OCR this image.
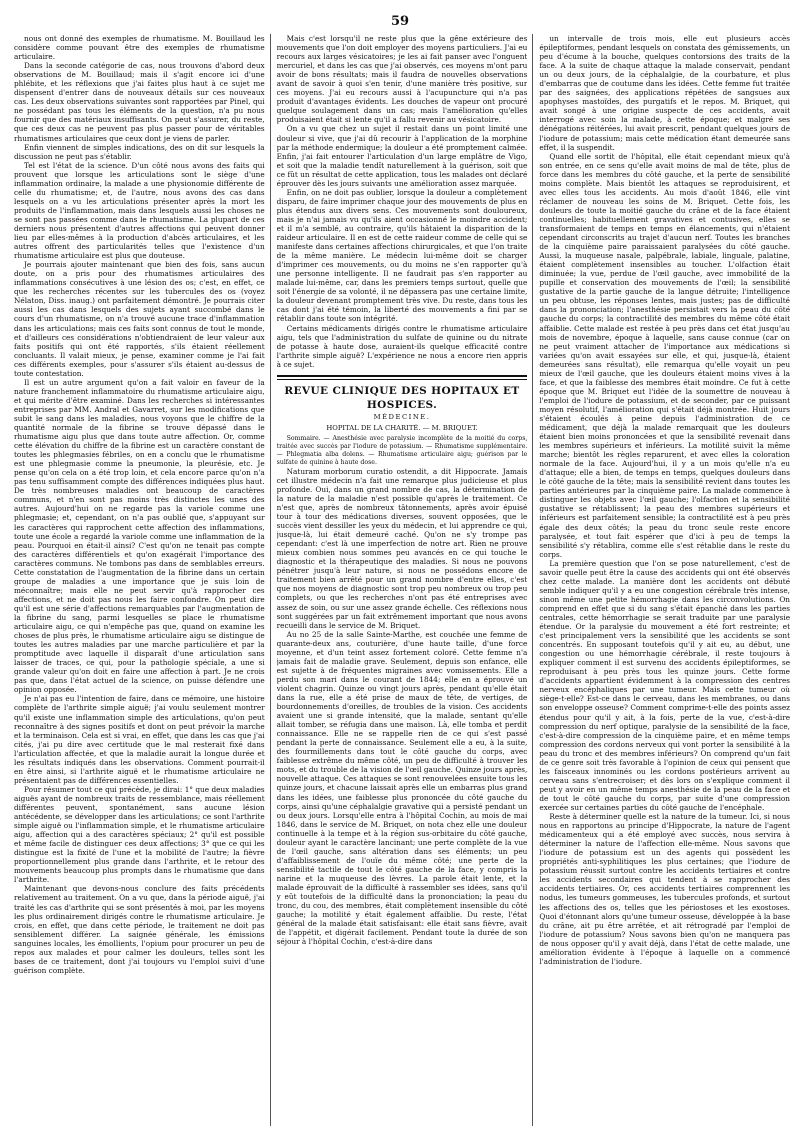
59

nous ont donné des exemples de rhumatisme. M. Bouillaud les considère comme pouvant être des exemples de rhumatisme articulaire.

Dans la seconde catégorie de cas, nous trouvons d'abord deux observations de M. Bouillaud; mais il s'agit encore ici d'une phlébite, et les réflexions que j'ai faites plus haut à ce sujet me dispensent d'entrer dans de nouveaux détails sur ces nouveaux cas. Les deux observations suivantes sont rapportées par Pinel, qui ne possédant pas tous les éléments de la question, n'a pu nous fournir que des matériaux insuffisants. On peut s'assurer, du reste, que ces deux cas ne peuvent pas plus passer pour de véritables rhumatismes articulaires que ceux dont je viens de parler.

Enfin viennent de simples indications, des on dit sur lesquels la discussion ne peut pas s'établir.

Tel est l'état de la science. D'un côté nous avons des faits qui prouvent que lorsque les articulations sont le siège d'une inflammation ordinaire, la malade a une physionomie différente de celle du rhumatisme; et, de l'autre, nous avons des cas dans lesquels on a vu les articulations présenter après la mort les produits de l'inflammation, mais dans lesquels aussi les choses ne se sont pas passées comme dans le rhumatisme. La plupart de ces derniers nous présentent d'autres affections qui peuvent donner lieu par elles-mêmes à la production d'abcès articulaires, et les autres offrent des particularités telles que l'existence d'un rhumatisme articulaire est plus que douteuse.

Je pourrais ajouter maintenant que bien des fois, sans aucun doute, on a pris pour des rhumatismes articulaires des inflammations consécutives à une lésion des os; c'est, en effet, ce que les recherches récentes sur les tubercules des os (voyez Nélaton, Diss. inaug.) ont parfaitement démontré. Je pourrais citer aussi les cas dans lesquels des sujets ayant succombé dans le cours d'un rhumatisme, on n'a trouvé aucune trace d'inflammation dans les articulations; mais ces faits sont connus de tout le monde, et d'ailleurs ces considérations n'obtiendraient de leur valeur aux faits positifs qui ont été rapportés, s'ils étaient réellement concluants. Il valait mieux, je pense, examiner comme je l'ai fait ces différents exemples, pour s'assurer s'ils étaient au-dessus de toute contestation.

Il est un autre argument qu'on a fait valoir en faveur de la nature franchement inflammatoire du rhumatisme articulaire aigu, et qui mérite d'être examiné. Dans les recherches si intéressantes entreprises par MM. Andral et Gavarret, sur les modifications que subit le sang dans les maladies, nous voyons que le chiffre de la quantité normale de la fibrine se trouve dépassé dans le rhumatisme aigu plus que dans toute autre affection. Or, comme cette élévation du chiffre de la fibrine est un caractère constant de toutes les phlegmasies fébriles, on en a conclu que le rhumatisme est une phlegmasie comme la pneumonie, la pleurésie, etc. Je pense qu'on cela on a été trop loin, et cela encore parce qu'on n'a pas tenu suffisamment compte des différences indiquées plus haut. De très nombreuses maladies ont beaucoup de caractères communs, et n'en sont pas moins très distinctes les unes des autres. Aujourd'hui on ne regarde pas la variole comme une phlegmasie; et, cependant, on n'a pas oublié que, s'appuyant sur les caractères qui rapprochent cette affection des inflammations, toute une école a regardé la variole comme une inflammation de la peau. Pourquoi en était-il ainsi? C'est qu'on ne tenait pas compte des caractères différentiels et qu'on exagérait l'importance des caractères communs. Ne tombons pas dans de semblables erreurs. Cette constatation de l'augmentation de la fibrine dans un certain groupe de maladies a une importance que je suis loin de méconnaître; mais elle ne peut servir qu'à rapprocher ces affections, et ne doit pas nous les faire confondre. On peut dire qu'il est une série d'affections remarquables par l'augmentation de la fibrine du sang, parmi lesquelles se place le rhumatisme articulaire aigu, ce qui n'empêche pas que, quand on examine les choses de plus près, le rhumatisme articulaire aigu se distingue de toutes les autres maladies par une marche particulière et par la promptitude avec laquelle il disparaît d'une articulation sans laisser de traces, ce qui, pour la pathologie spéciale, a une si grande valeur qu'on doit en faire une affection à part. Je ne crois pas que, dans l'état actuel de la science, on puisse défendre une opinion opposée.

Je n'ai pas eu l'intention de faire, dans ce mémoire, une histoire complète de l'arthrite simple aiguë; j'ai voulu seulement montrer qu'il existe une inflammation simple des articulations, qu'on peut reconnaître à des signes positifs et dont on peut prévoir la marche et la terminaison. Cela est si vrai, en effet, que dans les cas que j'ai cités, j'ai pu dire avec certitude que le mal resterait fixé dans l'articulation affectée, et que la maladie aurait la longue durée et les résultats indiqués dans les observations. Comment pourrait-il en être ainsi, si l'arthrite aiguë et le rhumatisme articulaire ne présentaient pas de différences essentielles.

Pour résumer tout ce qui précède, je dirai: 1° que deux maladies aiguës ayant de nombreux traits de ressemblance, mais réellement différentes peuvent, spontanément, sans aucune lésion antécédente, se développer dans les articulations; ce sont l'arthrite simple aiguë ou l'inflammation simple, et le rhumatisme articulaire aigu, affection qui a des caractères spéciaux; 2° qu'il est possible et même facile de distinguer ces deux affections; 3° que ce qui les distingue est la fixité de l'une et la mobilité de l'autre; la fièvre proportionnellement plus grande dans l'arthrite, et le retour des mouvements beaucoup plus prompts dans le rhumatisme que dans l'arthrite.

Maintenant que devons-nous conclure des faits précédents relativement au traitement. On a vu que, dans la période aiguë, j'ai traité les cas d'arthrite qui se sont présentés à moi, par les moyens les plus ordinairement dirigés contre le rhumatisme articulaire. Je crois, en effet, que dans cette période, le traitement ne doit pas sensiblement différer. La saignée générale, les émissions sanguines locales, les émollients, l'opium pour procurer un peu de repos aux malades et pour calmer les douleurs, telles sont les bases de ce traitement, dont j'ai toujours vu l'emploi suivi d'une guérison complète.

Mais c'est lorsqu'il ne reste plus que la gêne extérieure des mouvements que l'on doit employer des moyens particuliers. J'ai eu recours aux larges vésicatoires; je les ai fait panser avec l'onguent mercuriel, et dans les cas que j'ai observés, ces moyens m'ont paru avoir de bons résultats; mais il faudra de nouvelles observations avant de savoir à quoi s'en tenir, d'une manière très positive, sur ces moyens. J'ai eu recours aussi à l'acupuncture qui n'a pas produit d'avantages évidents. Les douches de vapeur ont procuré quelque soulagement dans un cas; mais l'amélioration qu'elles produisaient était si lente qu'il a fallu revenir au vésicatoire.

On a vu que chez un sujet il restait dans un point limité une douleur si vive, que j'ai dû recourir à l'application de la morphine par la méthode endermique; la douleur a été promptement calmée. Enfin, j'ai fait entourer l'articulation d'un large emplâtre de Vigo, et soit que la maladie tendît naturellement à la guérison, soit que ce fût un résultat de cette application, tous les malades ont déclaré éprouver dès les jours suivants une amélioration assez marquée.

Enfin, on ne doit pas oublier, lorsque la douleur a complètement disparu, de faire imprimer chaque jour des mouvements de plus en plus étendus aux divers sens. Ces mouvements sont douloureux, mais je n'ai jamais vu qu'ils aient occasionné le moindre accident; et il m'a semblé, au contraire, qu'ils hâtaient la disparition de la raideur articulaire. Il en est de cette raideur comme de celle qui se manifeste dans certaines affections chirurgicales, et que l'on traite de la même manière. Le médecin lui-même doit se charger d'imprimer ces mouvements, ou du moins ne s'en rapporter qu'à une personne intelligente. Il ne faudrait pas s'en rapporter au malade lui-même, car, dans les premiers temps surtout, quelle que soit l'énergie de sa volonté, il ne dépassera pas une certaine limite, la douleur devenant promptement très vive. Du reste, dans tous les cas dont j'ai été témoin, la liberté des mouvements a fini par se rétablir dans toute son intégrité.

Certains médicaments dirigés contre le rhumatisme articulaire aigu, tels que l'administration du sulfate de quinine ou du nitrate de potasse à haute dose, auraient-ils quelque efficacité contre l'arthrite simple aiguë? L'expérience ne nous a encore rien appris à ce sujet.

REVUE CLINIQUE DES HOPITAUX ET HOSPICES.
MÉDECINE.
HOPITAL DE LA CHARITÉ. — M. BRIQUET.

Sommaire. — Anesthésie avec paralysie incomplète de la moitié du corps, traitée avec succès par l'iodure de potassium. — Rhumatisme supplémentaire. — Phlegmatia alba dolens. — Rhumatisme articulaire aigu; guérison par le sulfate de quinine à haute dose.

Naturam morborum curatio ostendit, a dit Hippocrate. Jamais cet illustre médecin n'a fait une remarque plus judicieuse et plus profonde. Oui, dans un grand nombre de cas, la détermination de la nature de la maladie n'est possible qu'après le traitement. Ce n'est que, après de nombreux tâtonnements, après avoir épuisé tour à tour des médications diverses, souvent opposées, que le succès vient dessiller les yeux du médecin, et lui apprendre ce qui, jusque-là, lui était demeuré caché. Qu'on ne s'y trompe pas cependant: c'est là une imperfection de notre art. Rien ne prouve mieux combien nous sommes peu avancés en ce qui touche le diagnostic et la thérapeutique des maladies. Si nous ne pouvons pénétrer jusqu'à leur nature, si nous ne possédons encore de traitement bien arrêté pour un grand nombre d'entre elles, c'est que nos moyens de diagnostic sont trop peu nombreux ou trop peu complets, ou que les recherches n'ont pas été entreprises avec assez de soin, ou sur une assez grande échelle. Ces réflexions nous sont suggérées par un fait extrêmement important que nous avons recueilli dans le service de M. Briquet.

Au no 25 de la salle Sainte-Marthe, est couchée une femme de quarante-deux ans, couturière, d'une haute taille, d'une force moyenne, et d'un teint assez fortement coloré. Cette femme n'a jamais fait de maladie grave. Seulement, depuis son enfance, elle est sujette à de fréquentes migraines avec vomissements. Elle a perdu son mari dans le courant de 1844; elle en a éprouvé un violent chagrin. Quinze ou vingt jours après, pendant qu'elle était dans la rue, elle a été prise de maux de tête, de vertiges, de bourdonnements d'oreilles, de troubles de la vision. Ces accidents avaient une si grande intensité, que la malade, sentant qu'elle allait tomber, se réfugia dans une maison. Là, elle tomba et perdit connaissance. Elle ne se rappelle rien de ce qui s'est passé pendant la perte de connaissance. Seulement elle a eu, à la suite, des fourmillements dans tout le côté gauche du corps, avec faiblesse extrême du même côté, un peu de difficulté à trouver les mots, et du trouble de la vision de l'œil gauche. Quinze jours après, nouvelle attaque. Ces attaques se sont renouvelées ensuite tous les quinze jours, et chacune laissait après elle un embarras plus grand dans les idées, une faiblesse plus prononcée du côté gauche du corps, ainsi qu'une céphalalgie gravative qui a persisté pendant un ou deux jours. Lorsqu'elle entra à l'hôpital Cochin, au mois de mai 1846, dans le service de M. Briquet, on nota chez elle une douleur continuelle à la tempe et à la région sus-orbitaire du côté gauche, douleur ayant le caractère lancinant; une perte complète de la vue de l'œil gauche, sans altération dans ses éléments; un peu d'affaiblissement de l'ouïe du même côté; une perte de la sensibilité tactile de tout le côté gauche de la face, y compris la narine et la muqueuse des lèvres. La parole était lente, et la malade éprouvait de la difficulté à rassembler ses idées, sans qu'il y eût toutefois de la difficulté dans la prononciation; la peau du tronc, du cou, des membres, était complètement insensible du côté gauche; la motilité y était également affaiblie. Du reste, l'état général de la malade était satisfaisant: elle était sans fièvre, avait de l'appétit, et digérait facilement. Pendant toute la durée de son séjour à l'hôpital Cochin, c'est-à-dire dans

un intervalle de trois mois, elle eut plusieurs accès épileptiformes, pendant lesquels on constata des gémissements, un peu d'écume à la bouche, quelques contorsions des traits de la face. A la suite de chaque attaque la malade conservait, pendant un ou deux jours, de la céphalalgie, de la courbature, et plus d'embarras que de coutume dans les idées. Cette femme fut traitée par des saignées, des applications répétées de sangsues aux apophyses mastoïdes, des purgatifs et le repos. M. Briquet, qui avait songé à une origine suspecte de ces accidents, avait interrogé avec soin la malade, à cette époque; et malgré ses dénégations réitérées, lui avait prescrit, pendant quelques jours de l'iodure de potassium; mais cette médication étant demeurée sans effet, il la suspendit.

Quand elle sortit de l'hôpital, elle était cependant mieux qu'à son entrée, en ce sens qu'elle avait moins de mal de tête, plus de force dans les membres du côté gauche, et la perte de sensibilité moins complète. Mais bientôt les attaques se reproduisirent, et avec elles tous les accidents. Au mois d'août 1846, elle vint réclamer de nouveau les soins de M. Briquet. Cette fois, les douleurs de toute la moitié gauche du crâne et de la face étaient continuelles; habituellement gravatives et contusives, elles se transformaient de temps en temps en élancements, qui n'étaient cependant circonscrits au trajet d'aucun nerf. Toutes les branches de la cinquième paire paraissaient paralysées du côté gauche. Aussi, la muqueuse nasale, palpébrale, labiale, linguale, palatine, étaient complètement insensibles au toucher. L'olfaction était diminuée; la vue, perdue de l'œil gauche, avec immobilité de la pupille et conservation des mouvements de l'œil; la sensibilité gustative de la partie gauche de la langue détruite; l'intelligence un peu obtuse, les réponses lentes, mais justes; pas de difficulté dans la prononciation; l'anesthésie persistait vers la peau du côté gauche du corps; la contractilité des membres du même côté était affaiblie. Cette malade est restée à peu près dans cet état jusqu'au mois de novembre, époque à laquelle, sans cause connue (car on ne peut vraiment attacher de l'importance aux médications si variées qu'on avait essayées sur elle, et qui, jusque-là, étaient demeurées sans résultat), elle remarqua qu'elle voyait un peu mieux de l'œil gauche, que les douleurs étaient moins vives à la face, et que la faiblesse des membres était moindre. Ce fut à cette époque que M. Briquet eut l'idée de la soumettre de nouveau à l'emploi de l'iodure de potassium, et de seconder, par ce puissant moyen résolutif, l'amélioration qui s'était déjà montrée. Huit jours s'étaient écoulés à peine depuis l'administration de ce médicament, que déjà la malade remarquait que les douleurs étaient bien moins prononcées et que la sensibilité revenait dans les membres supérieurs et inférieurs. La motilité suivit la même marche; bientôt les règles reparurent, et avec elles la coloration normale de la face. Aujourd'hui, il y a un mois qu'elle n'a eu d'attaque; elle a bien, de temps en temps, quelques douleurs dans le côté gauche de la tête; mais la sensibilité revient dans toutes les parties antérieures par la cinquième paire. La malade commence à distinguer les objets avec l'œil gauche; l'olfaction et la sensibilité gustative se rétablissent; la peau des membres supérieurs et inférieurs est parfaitement sensible; la contractilité est à peu près égale des deux côtés; la peau du tronc seule reste encore paralysée, et tout fait espérer que d'ici à peu de temps la sensibilité s'y rétablira, comme elle s'est rétablie dans le reste du corps.

La première question que l'on se pose naturellement, c'est de savoir quelle peut être la cause des accidents qui ont été observés chez cette malade. La manière dont les accidents ont débuté semble indiquer qu'il y a eu une congestion cérébrale très intense, sinon même une petite hémorrhagie dans les circonvolutions. On comprend en effet que si du sang s'était épanché dans les parties centrales, cette hémorrhagie se serait traduite par une paralysie étendue. Or la paralysie du mouvement a été fort restreinte; et c'est principalement vers la sensibilité que les accidents se sont concentrés. En supposant toutefois qu'il y ait eu, au début, une congestion ou une hémorrhagie cérébrale, il reste toujours à expliquer comment il est survenu des accidents épileptiformes, se reproduisant à peu près tous les quinze jours. Cette forme d'accidents appartient évidemment à la compression des centres nerveux encéphaliques par une tumeur. Mais cette tumeur où siège-t-elle? Est-ce dans le cerveau, dans les membranes, ou dans son enveloppe osseuse? Comment comprime-t-elle des points assez étendus pour qu'il y ait, à la fois, perte de la vue, c'est-à-dire compression du nerf optique, paralysie de la sensibilité de la face, c'est-à-dire compression de la cinquième paire, et en même temps compression des cordons nerveux qui vont porter la sensibilité à la peau du tronc et des membres inférieurs? On comprend qu'un fait de ce genre soit très favorable à l'opinion de ceux qui pensent que les faisceaux innominés ou les cordons postérieurs arrivent au cerveau sans s'entrecroiser; et dès lors on s'explique comment il peut y avoir en un même temps anesthésie de la peau de la face et de tout le côté gauche du corps, par suite d'une compression exercée sur certaines parties du côté gauche de l'encéphale.

Reste à déterminer quelle est la nature de la tumeur. Ici, si nous nous en rapportons au principe d'Hippocrate, la nature de l'agent médicamenteux qui a été employé avec succès, nous servira à déterminer la nature de l'affection elle-même. Nous savons que l'iodure de potassium est un des agents qui possèdent les propriétés anti-syphilitiques les plus certaines; que l'iodure de potassium réussit surtout contre les accidents tertiaires et contre les accidents secondaires qui tendent à se rapprocher des accidents tertiaires. Or, ces accidents tertiaires comprennent les nodus, les tumeurs gommeuses, les tubercules profonds, et surtout les affections des os, telles que les périostoses et les exostoses. Quoi d'étonnant alors qu'une tumeur osseuse, développée à la base du crâne, ait pu être arrêtée, et ait rétrogradé par l'emploi de l'iodure de potassium? Nous savons bien qu'on ne manquera pas de nous opposer qu'il y avait déjà, dans l'état de cette malade, une amélioration évidente à l'époque à laquelle on a commencé l'administration de l'iodure.
